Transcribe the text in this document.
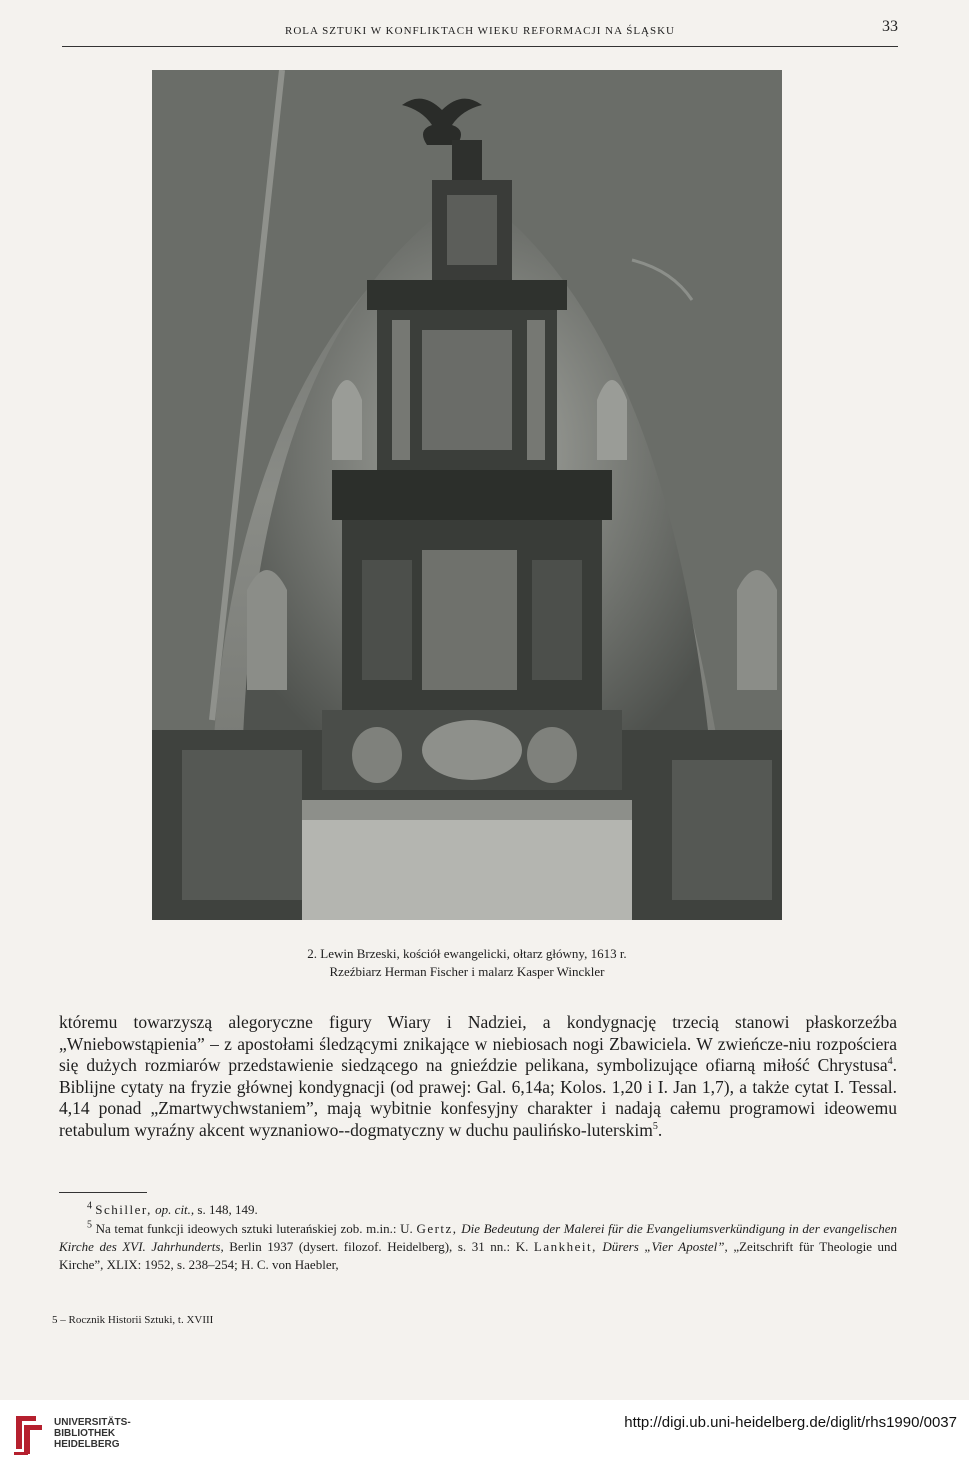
ROLA SZTUKI W KONFLIKTACH WIEKU REFORMACJI NA ŚLĄSKU	33
2. Lewin Brzeski, kościół ewangelicki, ołtarz główny, 1613 r.
Rzeźbiarz Herman Fischer i malarz Kasper Winckler

któremu towarzyszą alegoryczne figury Wiary i Nadziei, a kondygnację trzecią stanowi płaskorzeźba „Wniebowstąpienia” – z apostołami śledzącymi znikające w niebiosach nogi Zbawiciela. W zwieńcze-niu rozpościera się dużych rozmiarów przedstawienie siedzącego na gnieździe pelikana, symbolizujące ofiarną miłość Chrystusa$^4$. Biblijne cytaty na fryzie głównej kondygnacji (od prawej: Gal. 6,14a; Kolos. 1,20 i I. Jan 1,7), a także cytat I. Tessal. 4,14 ponad „Zmartwychwstaniem”, mają wybitnie konfesyjny charakter i nadają całemu programowi ideowemu retabulum wyraźny akcent wyznaniowo--dogmatyczny w duchu paulińsko-luterskim$^5$.

$^4$ Schiller, op. cit., s. 148, 149.

$^5$ Na temat funkcji ideowych sztuki luterańskiej zob. m.in.: U. Gertz, Die Bedeutung der Malerei für die Evangeliumsverkündigung in der evangelischen Kirche des XVI. Jahrhunderts, Berlin 1937 (dysert. filozof. Heidelberg), s. 31 nn.: K. Lankheit, Dürers „Vier Apostel”, „Zeitschrift für Theologie und Kirche”, XLIX: 1952, s. 238–254; H. C. von Haebler,

5 – Rocznik Historii Sztuki, t. XVIII
UNIVERSITÄTS-
BIBLIOTHEK
HEIDELBERG
http://digi.ub.uni-heidelberg.de/diglit/rhs1990/0037
